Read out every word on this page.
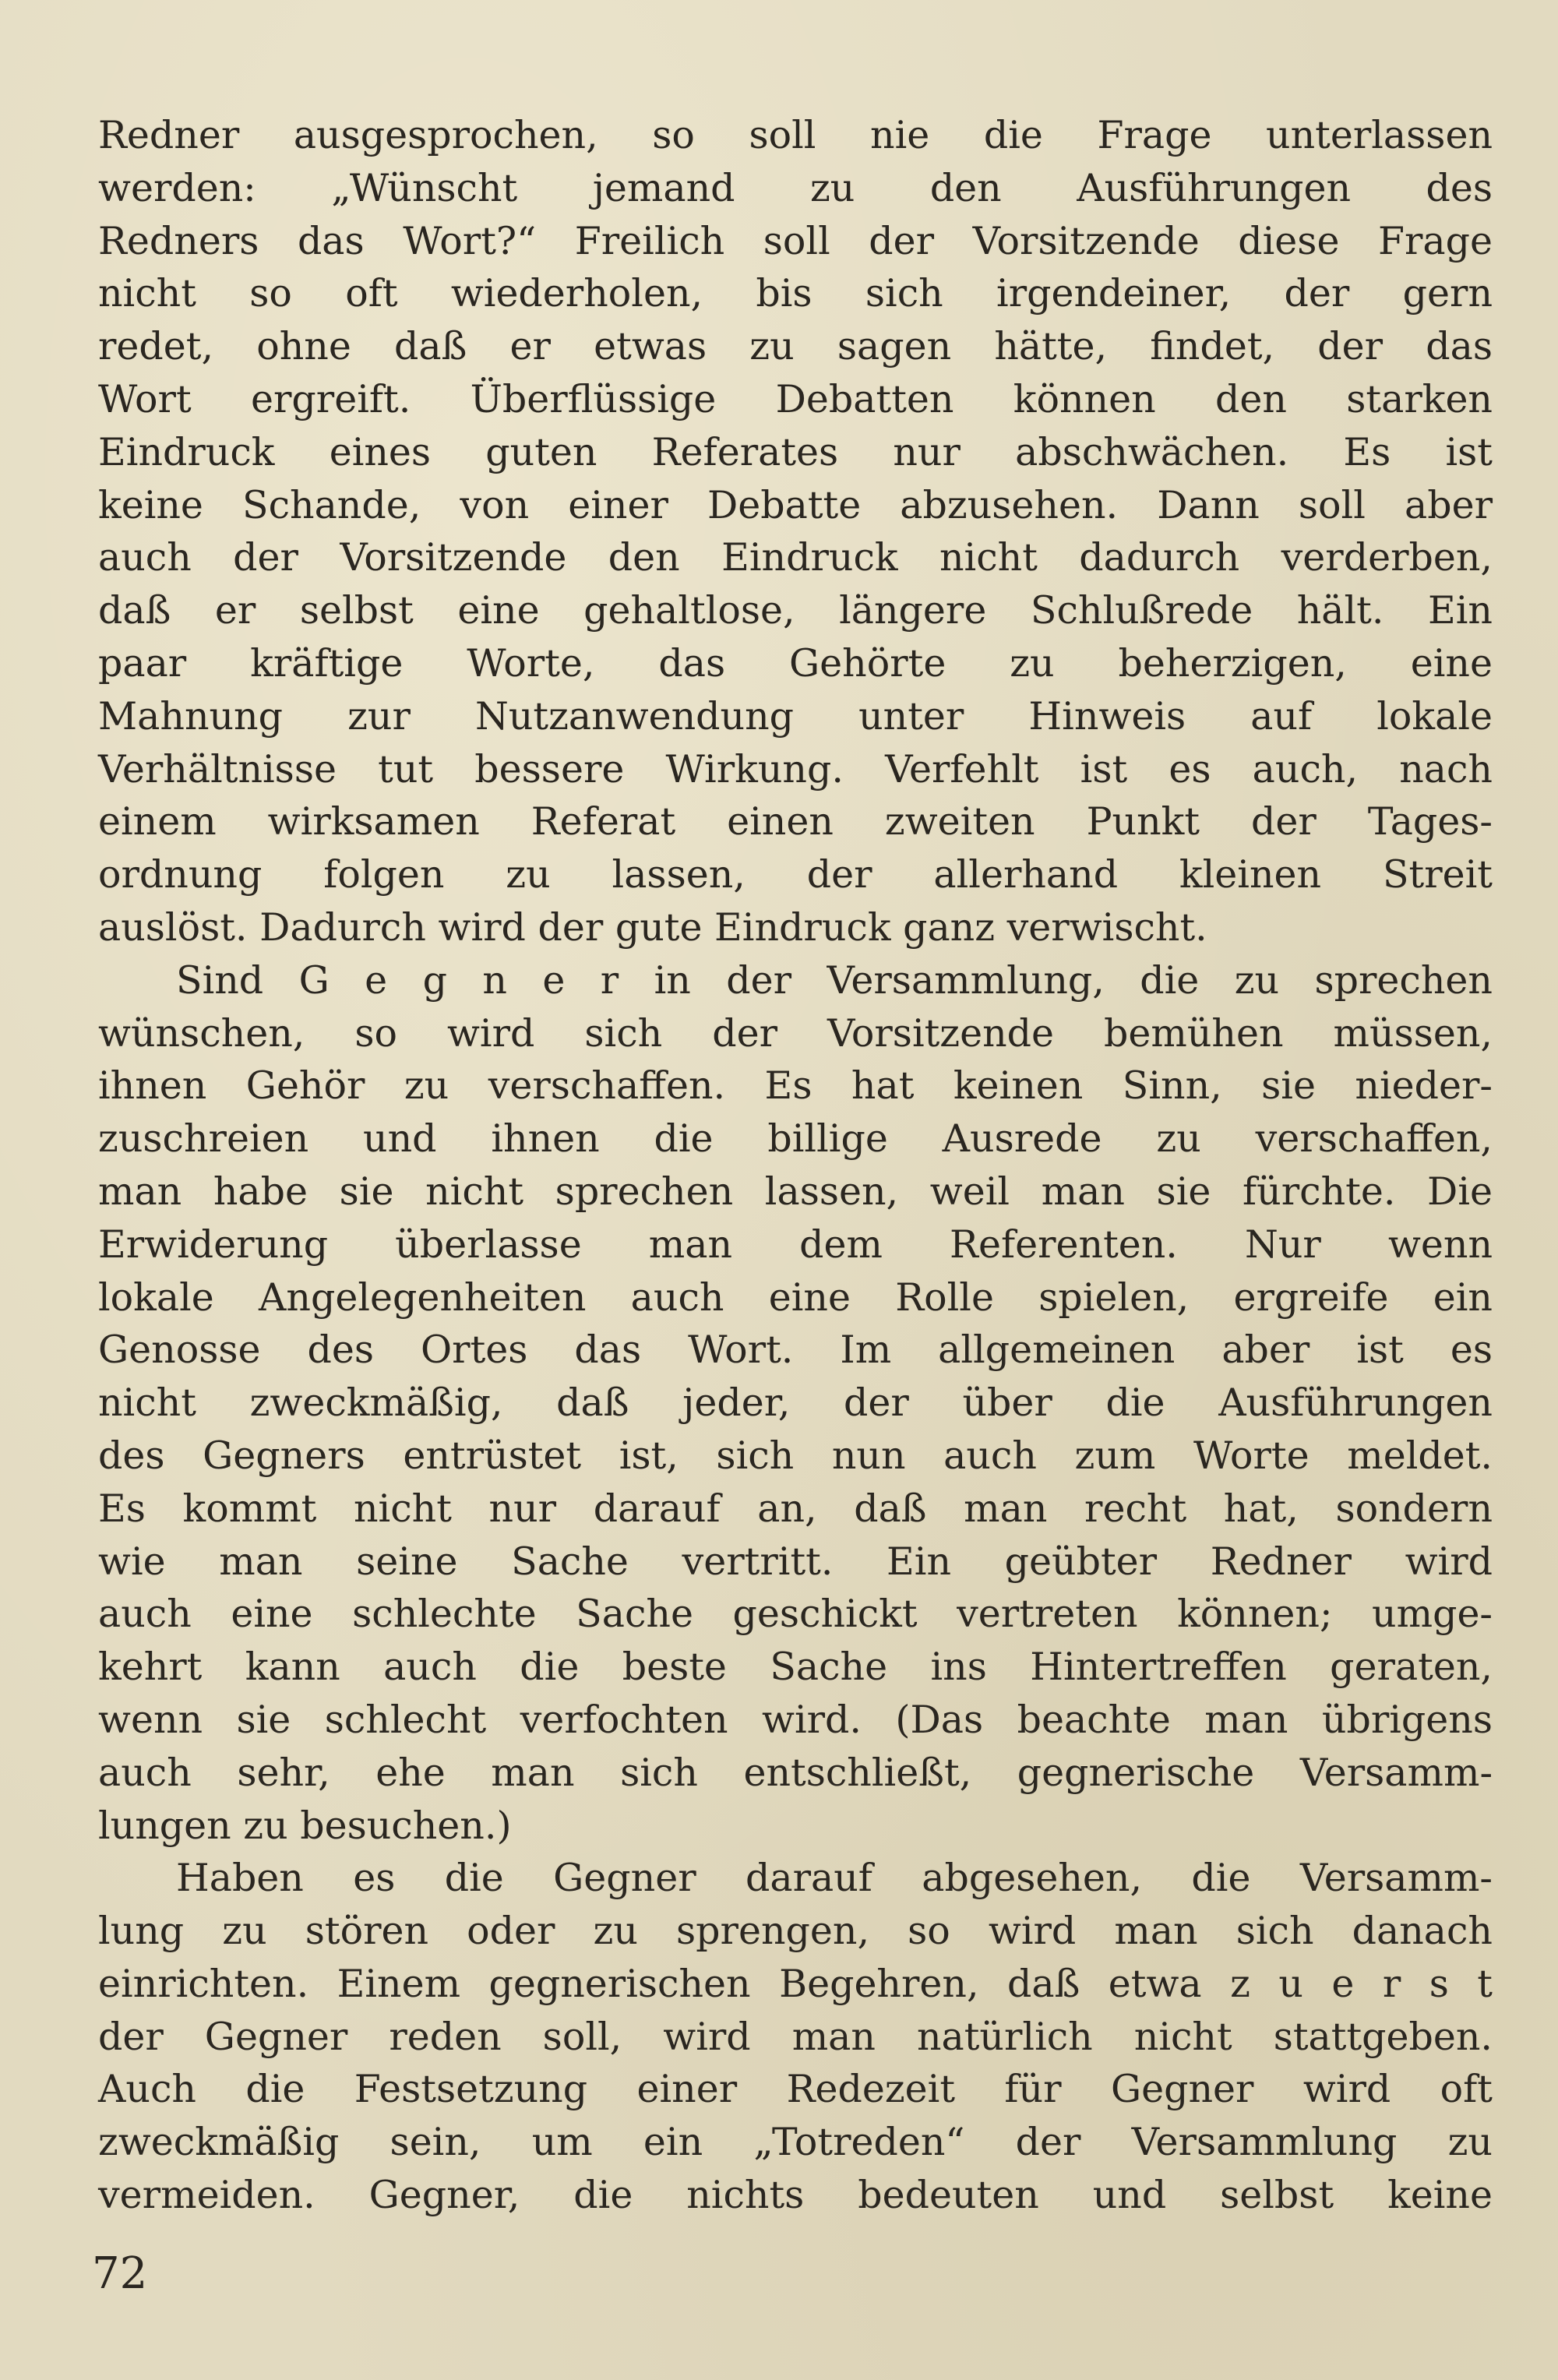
Redner ausgesprochen, so soll nie die Frage unterlassen
werden: „Wünscht jemand zu den Ausführungen des
Redners das Wort?“ Freilich soll der Vorsitzende diese Frage
nicht so oft wiederholen, bis sich irgendeiner, der gern
redet, ohne daß er etwas zu sagen hätte, findet, der das
Wort ergreift. Überflüssige Debatten können den starken
Eindruck eines guten Referates nur abschwächen. Es ist
keine Schande, von einer Debatte abzusehen. Dann soll aber
auch der Vorsitzende den Eindruck nicht dadurch verderben,
daß er selbst eine gehaltlose, längere Schlußrede hält. Ein
paar kräftige Worte, das Gehörte zu beherzigen, eine
Mahnung zur Nutzanwendung unter Hinweis auf lokale
Verhältnisse tut bessere Wirkung. Verfehlt ist es auch, nach
einem wirksamen Referat einen zweiten Punkt der Tages-
ordnung folgen zu lassen, der allerhand kleinen Streit
auslöst. Dadurch wird der gute Eindruck ganz verwischt.
Sind G e g n e r in der Versammlung, die zu sprechen
wünschen, so wird sich der Vorsitzende bemühen müssen,
ihnen Gehör zu verschaffen. Es hat keinen Sinn, sie nieder-
zuschreien und ihnen die billige Ausrede zu verschaffen,
man habe sie nicht sprechen lassen, weil man sie fürchte. Die
Erwiderung überlasse man dem Referenten. Nur wenn
lokale Angelegenheiten auch eine Rolle spielen, ergreife ein
Genosse des Ortes das Wort. Im allgemeinen aber ist es
nicht zweckmäßig, daß jeder, der über die Ausführungen
des Gegners entrüstet ist, sich nun auch zum Worte meldet.
Es kommt nicht nur darauf an, daß man recht hat, sondern
wie man seine Sache vertritt. Ein geübter Redner wird
auch eine schlechte Sache geschickt vertreten können; umge-
kehrt kann auch die beste Sache ins Hintertreffen geraten,
wenn sie schlecht verfochten wird. (Das beachte man übrigens
auch sehr, ehe man sich entschließt, gegnerische Versamm-
lungen zu besuchen.)
Haben es die Gegner darauf abgesehen, die Versamm-
lung zu stören oder zu sprengen, so wird man sich danach
einrichten. Einem gegnerischen Begehren, daß etwa z u e r s t
der Gegner reden soll, wird man natürlich nicht stattgeben.
Auch die Festsetzung einer Redezeit für Gegner wird oft
zweckmäßig sein, um ein „Totreden“ der Versammlung zu
vermeiden. Gegner, die nichts bedeuten und selbst keine
72
